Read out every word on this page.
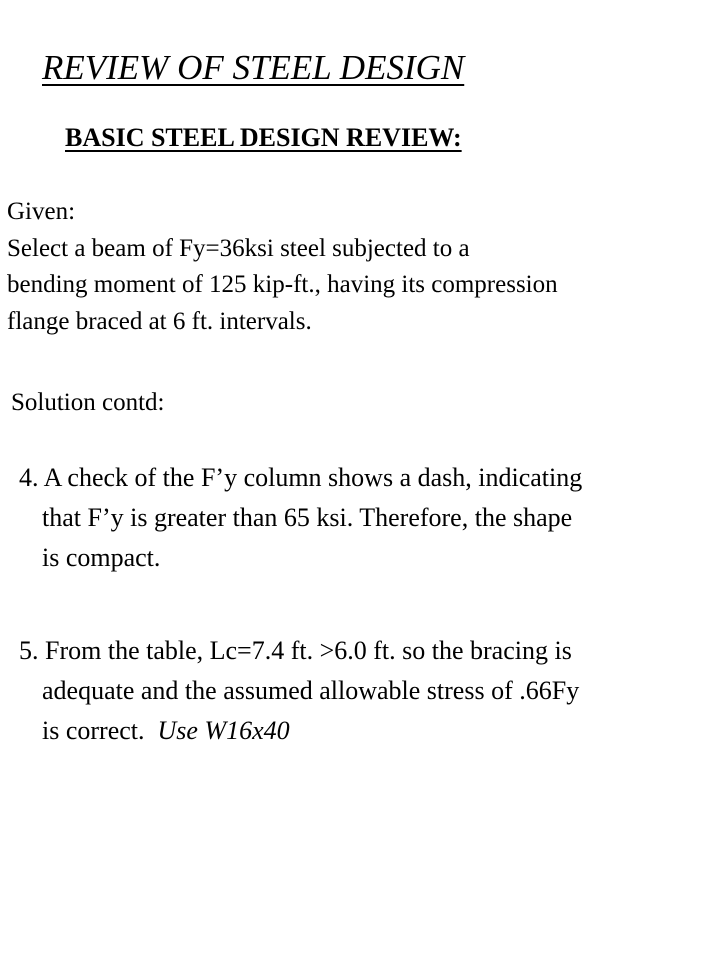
REVIEW OF STEEL DESIGN
BASIC STEEL DESIGN REVIEW:
Given:
Select a beam of Fy=36ksi steel subjected to a
bending moment of 125 kip-ft., having its compression
flange braced at 6 ft. intervals.
Solution contd:
4. A check of the F’y column shows a dash, indicating
that F’y is greater than 65 ksi. Therefore, the shape
is compact.
5. From the table, Lc=7.4 ft. >6.0 ft. so the bracing is
adequate and the assumed allowable stress of .66Fy
is correct. Use W16x40
